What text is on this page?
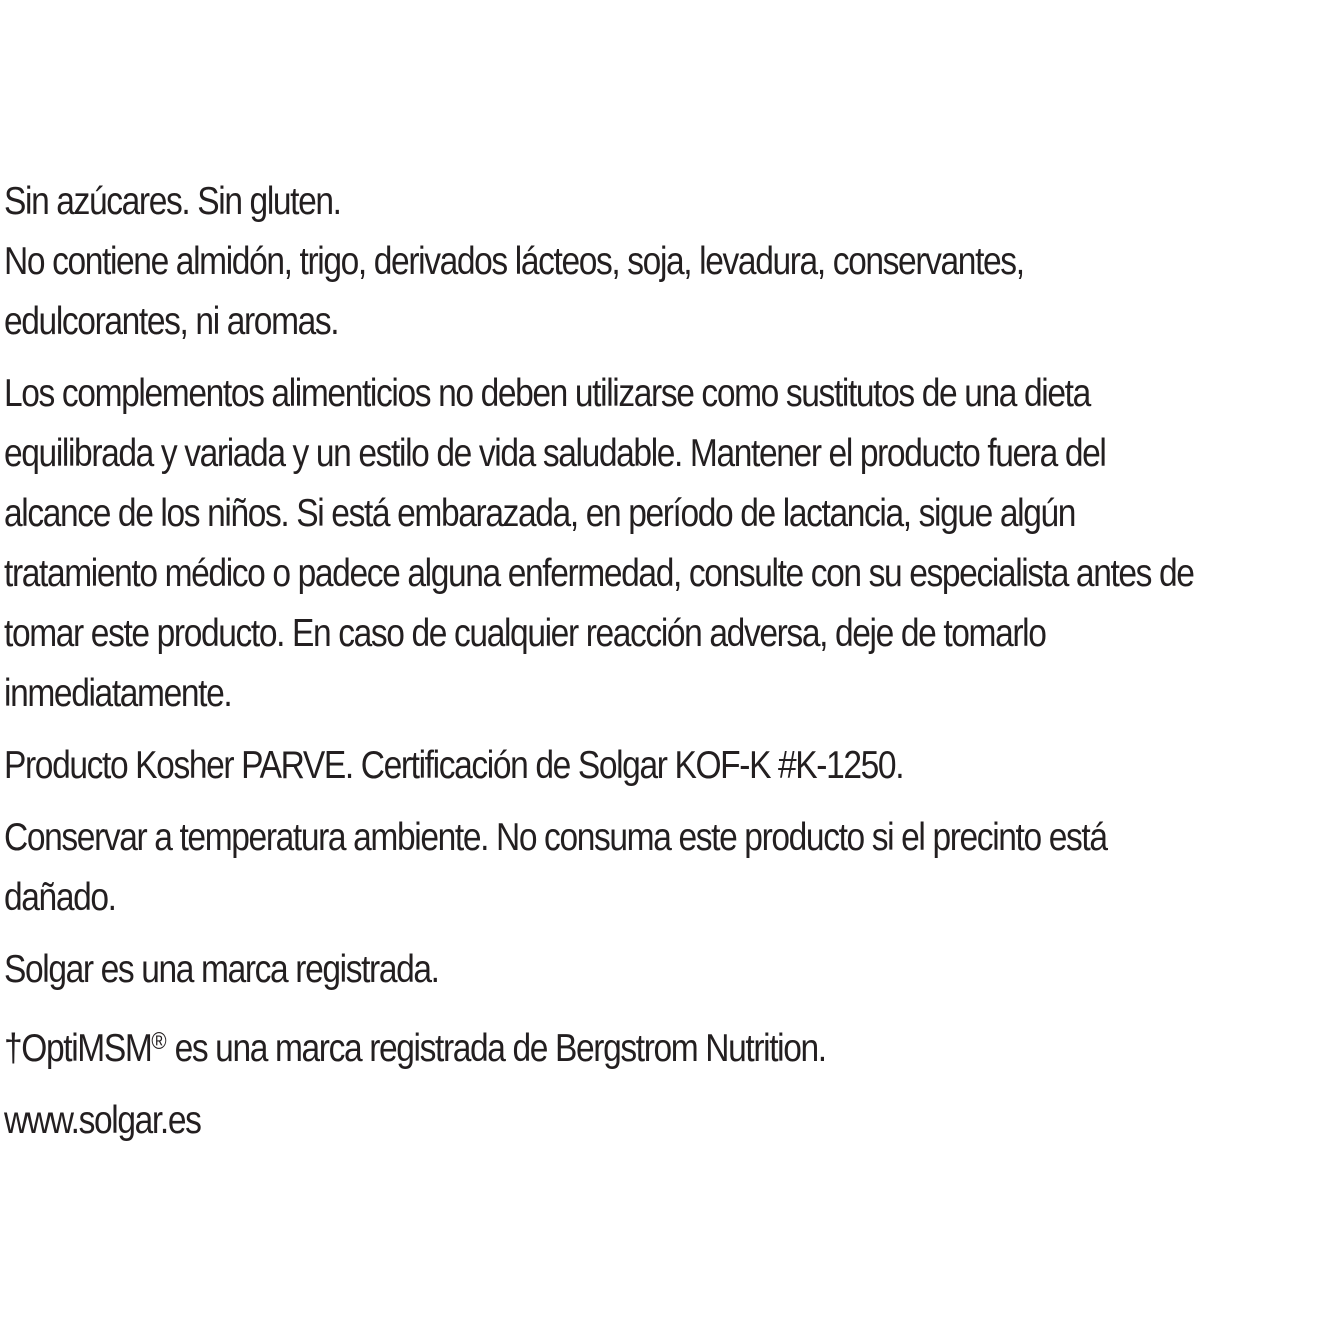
Sin azúcares. Sin gluten.

No contiene almidón, trigo, derivados lácteos, soja, levadura, conservantes,

edulcorantes, ni aromas.

Los complementos alimenticios no deben utilizarse como sustitutos de una dieta

equilibrada y variada y un estilo de vida saludable. Mantener el producto fuera del

alcance de los niños. Si está embarazada, en período de lactancia, sigue algún

tratamiento médico o padece alguna enfermedad, consulte con su especialista antes de

tomar este producto. En caso de cualquier reacción adversa, deje de tomarlo

inmediatamente.

Producto Kosher PARVE. Certificación de Solgar KOF-K #K-1250.

Conservar a temperatura ambiente. No consuma este producto si el precinto está

dañado.

Solgar es una marca registrada.

†OptiMSM® es una marca registrada de Bergstrom Nutrition.

www.solgar.es
